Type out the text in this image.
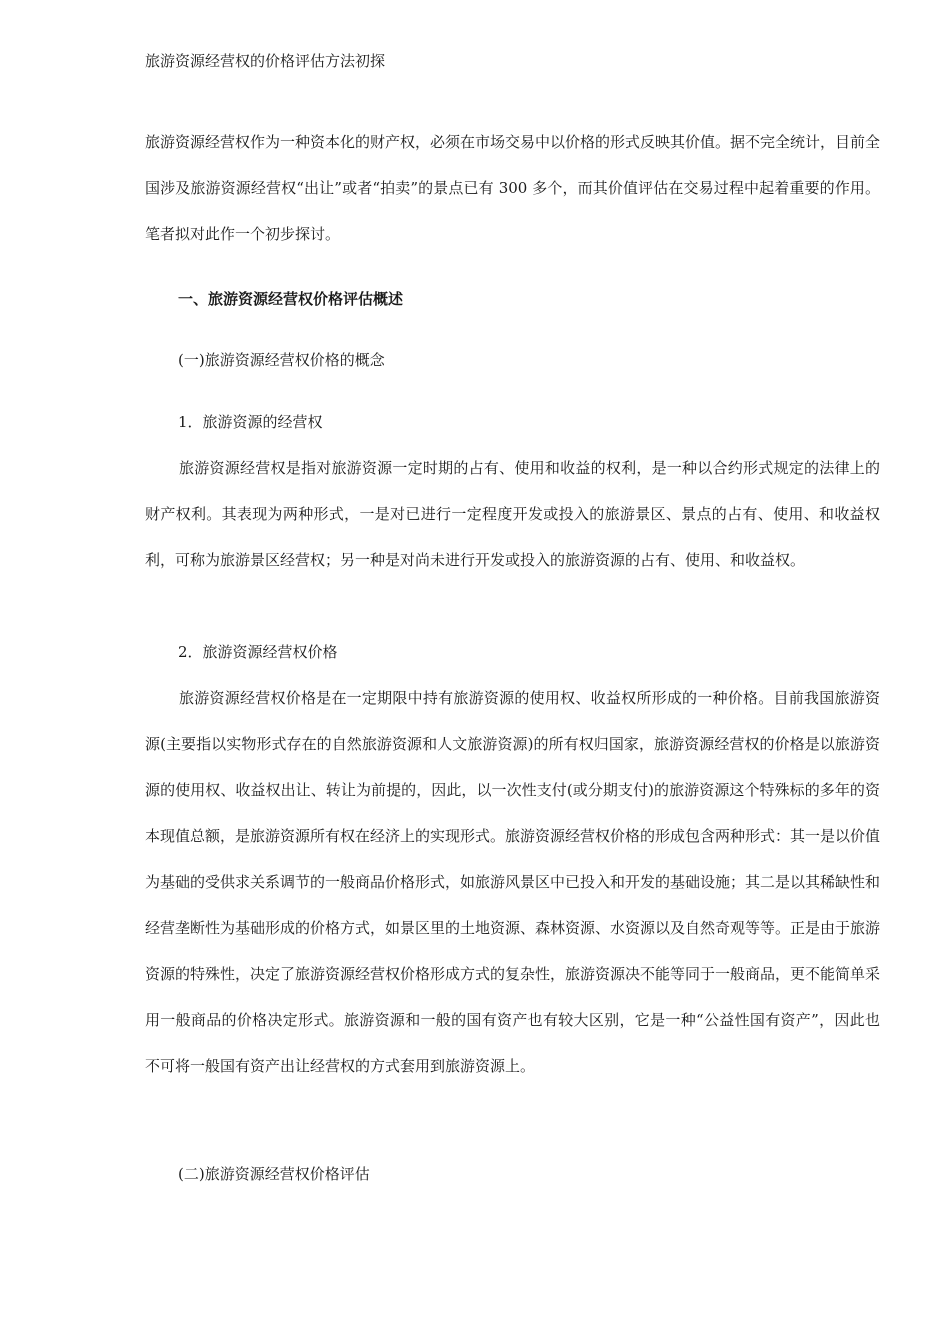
旅游资源经营权的价格评估方法初探
旅游资源经营权作为一种资本化的财产权，必须在市场交易中以价格的形式反映其价值。据不完全统计，目前全国涉及旅游资源经营权“出让”或者“拍卖”的景点已有 300 多个，而其价值评估在交易过程中起着重要的作用。笔者拟对此作一个初步探讨。
一、旅游资源经营权价格评估概述
(一)旅游资源经营权价格的概念
1．旅游资源的经营权
旅游资源经营权是指对旅游资源一定时期的占有、使用和收益的权利，是一种以合约形式规定的法律上的财产权利。其表现为两种形式，一是对已进行一定程度开发或投入的旅游景区、景点的占有、使用、和收益权利，可称为旅游景区经营权；另一种是对尚未进行开发或投入的旅游资源的占有、使用、和收益权。
2．旅游资源经营权价格
旅游资源经营权价格是在一定期限中持有旅游资源的使用权、收益权所形成的一种价格。目前我国旅游资源(主要指以实物形式存在的自然旅游资源和人文旅游资源)的所有权归国家，旅游资源经营权的价格是以旅游资源的使用权、收益权出让、转让为前提的，因此，以一次性支付(或分期支付)的旅游资源这个特殊标的多年的资本现值总额，是旅游资源所有权在经济上的实现形式。旅游资源经营权价格的形成包含两种形式：其一是以价值为基础的受供求关系调节的一般商品价格形式，如旅游风景区中已投入和开发的基础设施；其二是以其稀缺性和经营垄断性为基础形成的价格方式，如景区里的土地资源、森林资源、水资源以及自然奇观等等。正是由于旅游资源的特殊性，决定了旅游资源经营权价格形成方式的复杂性，旅游资源决不能等同于一般商品，更不能简单采用一般商品的价格决定形式。旅游资源和一般的国有资产也有较大区别，它是一种“公益性国有资产”，因此也不可将一般国有资产出让经营权的方式套用到旅游资源上。
(二)旅游资源经营权价格评估
